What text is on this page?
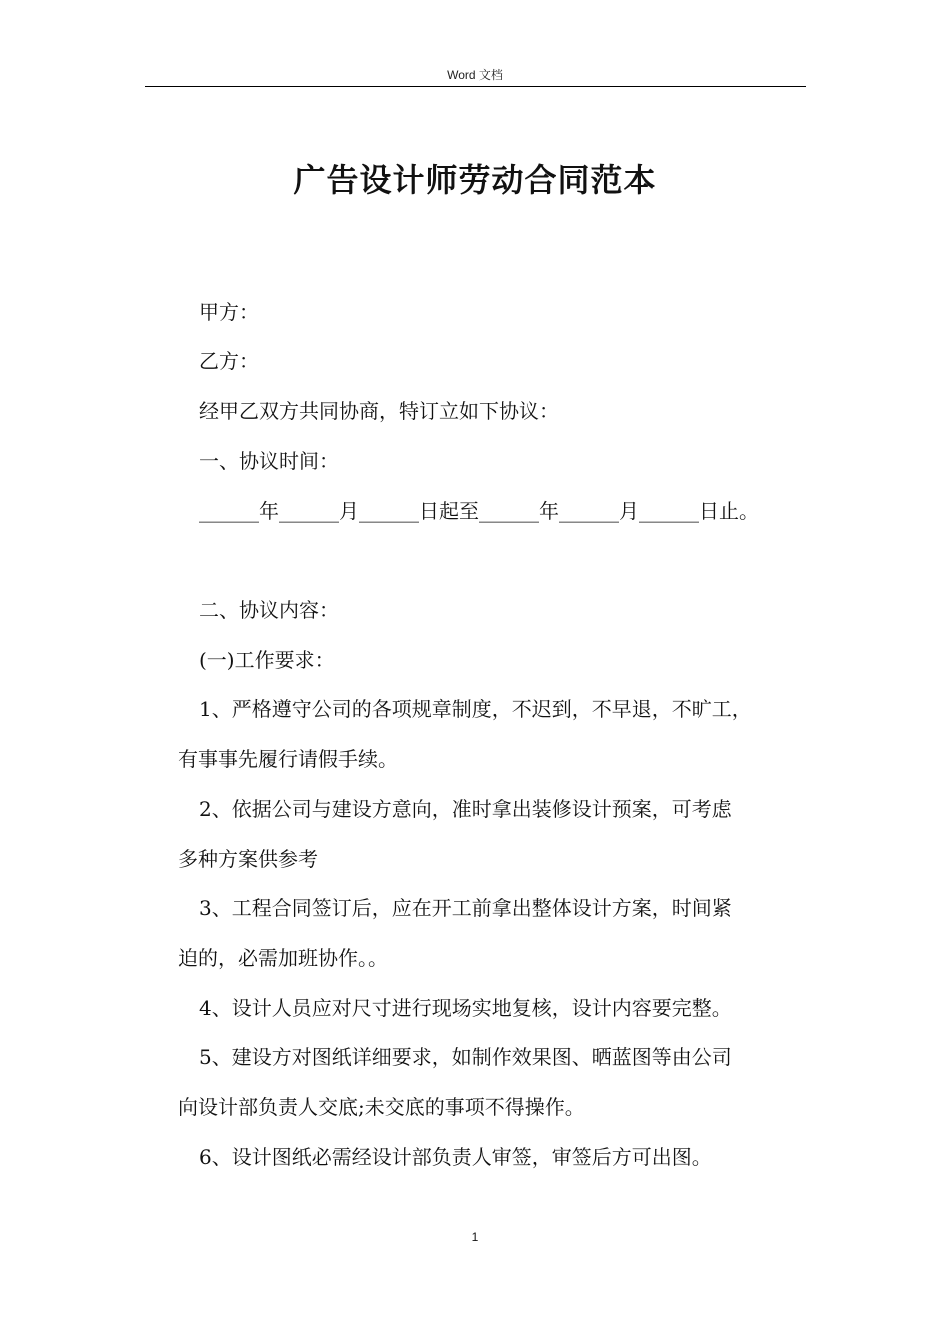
Word 文档
广告设计师劳动合同范本
甲方：
乙方：
经甲乙双方共同协商，特订立如下协议：
一、协议时间：
______年______月______日起至______年______月______日止。
二、协议内容：
(一)工作要求：
1、严格遵守公司的各项规章制度，不迟到，不早退，不旷工，
有事事先履行请假手续。
2、依据公司与建设方意向，准时拿出装修设计预案，可考虑
多种方案供参考
3、工程合同签订后，应在开工前拿出整体设计方案，时间紧
迫的，必需加班协作。。
4、设计人员应对尺寸进行现场实地复核，设计内容要完整。
5、建设方对图纸详细要求，如制作效果图、晒蓝图等由公司
向设计部负责人交底;未交底的事项不得操作。
6、设计图纸必需经设计部负责人审签，审签后方可出图。
1
